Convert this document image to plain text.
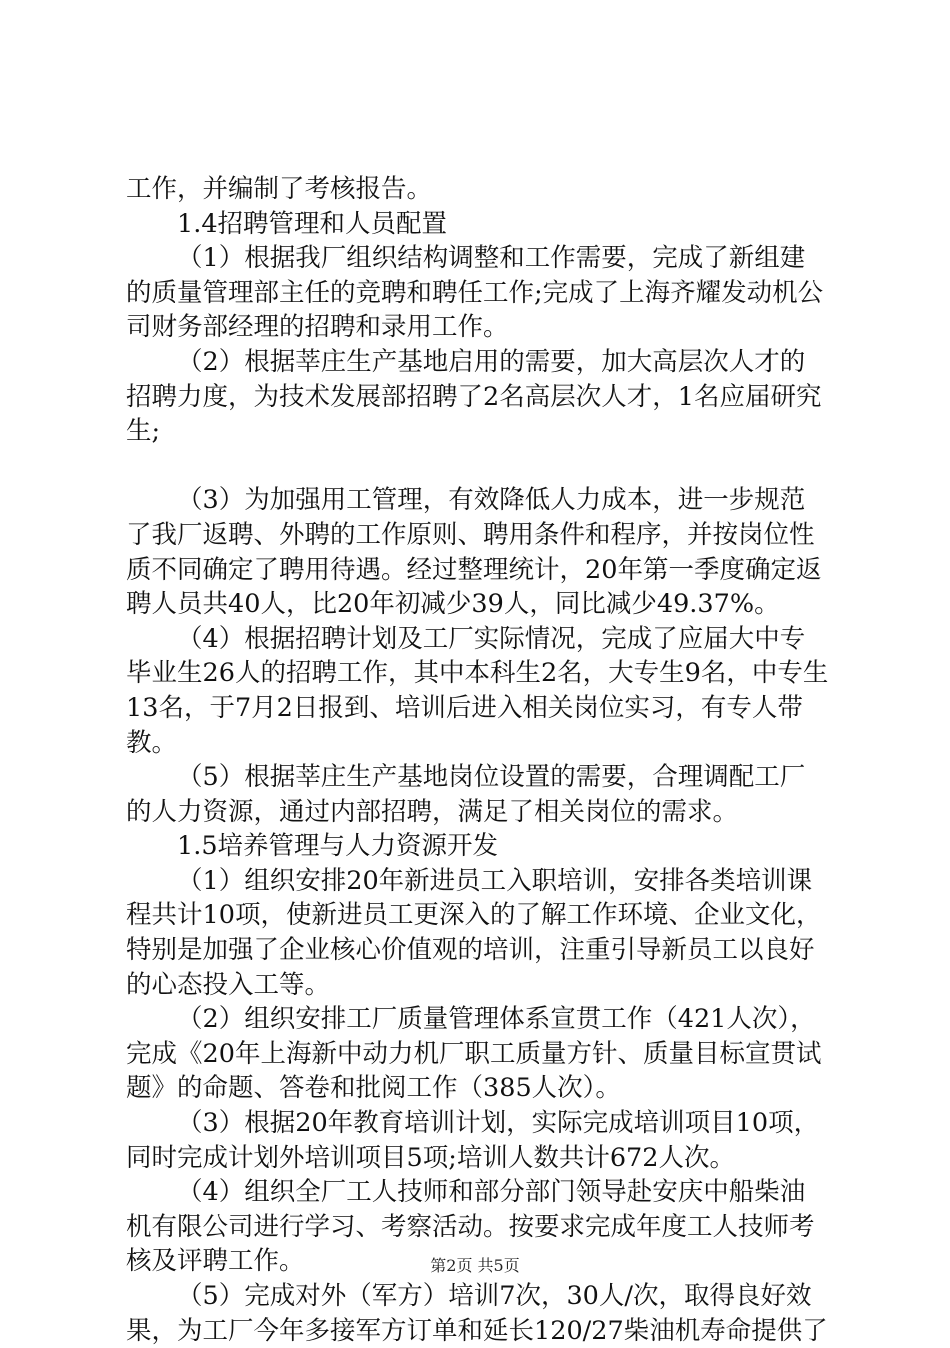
工作，并编制了考核报告。

1.4招聘管理和人员配置

（1）根据我厂组织结构调整和工作需要，完成了新组建的质量管理部主任的竞聘和聘任工作;完成了上海齐耀发动机公司财务部经理的招聘和录用工作。

（2）根据莘庄生产基地启用的需要，加大高层次人才的招聘力度，为技术发展部招聘了2名高层次人才，1名应届研究生;

（3）为加强用工管理，有效降低人力成本，进一步规范了我厂返聘、外聘的工作原则、聘用条件和程序，并按岗位性质不同确定了聘用待遇。经过整理统计，20年第一季度确定返聘人员共40人，比20年初减少39人，同比减少49.37%。

（4）根据招聘计划及工厂实际情况，完成了应届大中专毕业生26人的招聘工作，其中本科生2名，大专生9名，中专生13名，于7月2日报到、培训后进入相关岗位实习，有专人带教。

（5）根据莘庄生产基地岗位设置的需要，合理调配工厂的人力资源，通过内部招聘，满足了相关岗位的需求。

1.5培养管理与人力资源开发

（1）组织安排20年新进员工入职培训，安排各类培训课程共计10项，使新进员工更深入的了解工作环境、企业文化，特别是加强了企业核心价值观的培训，注重引导新员工以良好的心态投入工等。

（2）组织安排工厂质量管理体系宣贯工作（421人次），完成《20年上海新中动力机厂职工质量方针、质量目标宣贯试题》的命题、答卷和批阅工作（385人次）。

（3）根据20年教育培训计划，实际完成培训项目10项，同时完成计划外培训项目5项;培训人数共计672人次。

（4）组织全厂工人技师和部分部门领导赴安庆中船柴油机有限公司进行学习、考察活动。按要求完成年度工人技师考核及评聘工作。

（5）完成对外（军方）培训7次，30人/次，取得良好效果，为工厂今年多接军方订单和延长120/27柴油机寿命提供了

第2页 共5页
